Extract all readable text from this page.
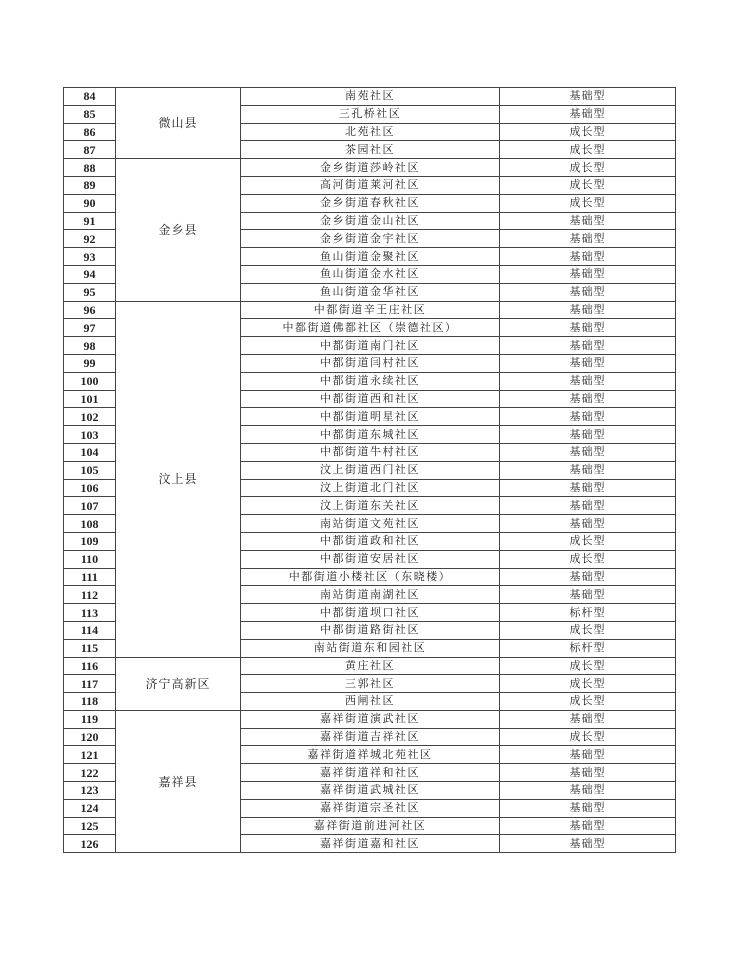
84	微山县	南苑社区	基础型
85		三孔桥社区	基础型
86		北苑社区	成长型
87		茶园社区	成长型
88	金乡县	金乡街道莎岭社区	成长型
89		高河街道莱河社区	成长型
90		金乡街道春秋社区	成长型
91		金乡街道金山社区	基础型
92		金乡街道金宇社区	基础型
93		鱼山街道金聚社区	基础型
94		鱼山街道金水社区	基础型
95		鱼山街道金华社区	基础型
96	汶上县	中都街道辛王庄社区	基础型
97		中都街道佛都社区（崇德社区）	基础型
98		中都街道南门社区	基础型
99		中都街道闫村社区	基础型
100		中都街道永续社区	基础型
101		中都街道西和社区	基础型
102		中都街道明星社区	基础型
103		中都街道东城社区	基础型
104		中都街道牛村社区	基础型
105		汶上街道西门社区	基础型
106		汶上街道北门社区	基础型
107		汶上街道东关社区	基础型
108		南站街道文苑社区	基础型
109		中都街道政和社区	成长型
110		中都街道安居社区	成长型
111		中都街道小楼社区（东晓楼）	基础型
112		南站街道南湖社区	基础型
113		中都街道坝口社区	标杆型
114		中都街道路街社区	成长型
115		南站街道东和园社区	标杆型
116	济宁高新区	黄庄社区	成长型
117		三郭社区	成长型
118		西闸社区	成长型
119	嘉祥县	嘉祥街道演武社区	基础型
120		嘉祥街道吉祥社区	成长型
121		嘉祥街道祥城北苑社区	基础型
122		嘉祥街道祥和社区	基础型
123		嘉祥街道武城社区	基础型
124		嘉祥街道宗圣社区	基础型
125		嘉祥街道前进河社区	基础型
126		嘉祥街道嘉和社区	基础型
